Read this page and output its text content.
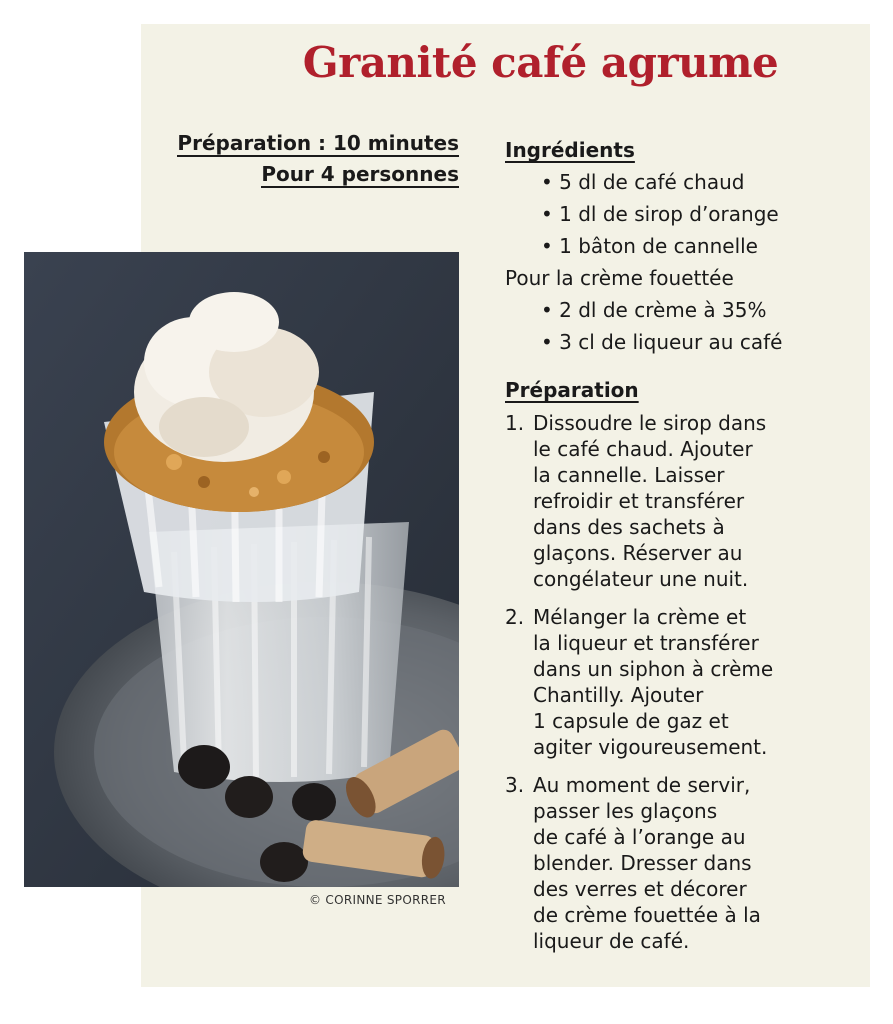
Granité café agrume
Préparation : 10 minutes
Pour 4 personnes
© CORINNE SPORRER
Ingrédients
• 5 dl de café chaud
• 1 dl de sirop d’orange
• 1 bâton de cannelle
Pour la crème fouettée
• 2 dl de crème à 35%
• 3 cl de liqueur au café
Préparation
1. Dissoudre le sirop dans
le café chaud. Ajouter
la cannelle. Laisser
refroidir et transférer
dans des sachets à
glaçons. Réserver au
congélateur une nuit.
2. Mélanger la crème et
la liqueur et transférer
dans un siphon à crème
Chantilly. Ajouter
1 capsule de gaz et
agiter vigoureusement.
3. Au moment de servir,
passer les glaçons
de café à l’orange au
blender. Dresser dans
des verres et décorer
de crème fouettée à la
liqueur de café.
